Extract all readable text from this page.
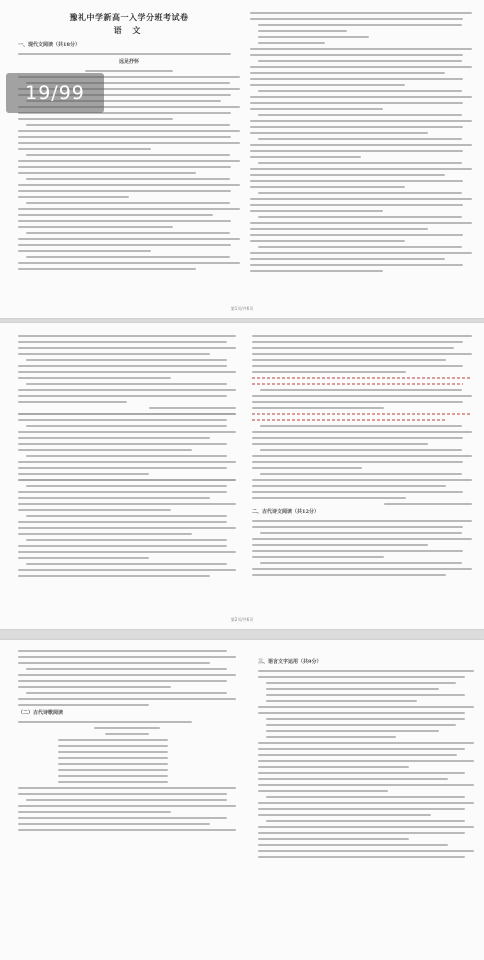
19/99
豫礼中学新高一入学分班考试卷
语 文
一、现代文阅读（共18分）
远足抒怀
第1页/共6页
二、古代诗文阅读（共12分）
第2页/共6页
（二）古代诗歌阅读
三、语言文字运用（共9分）
